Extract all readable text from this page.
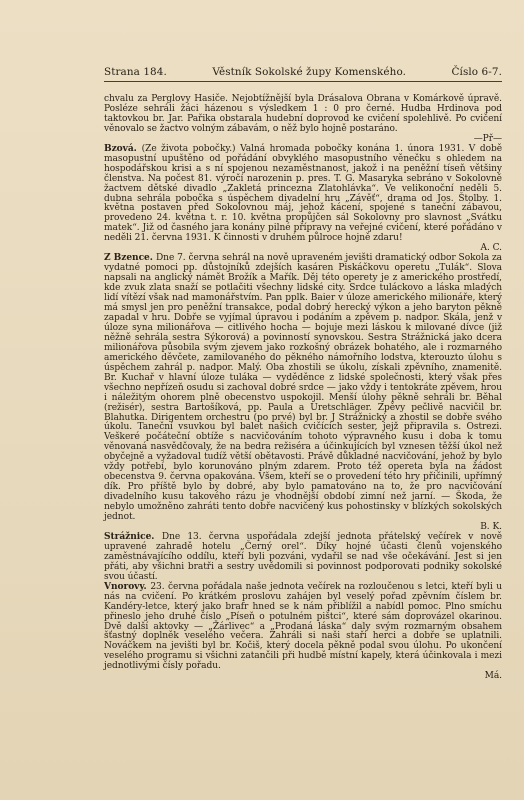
Strana 184.	Věstník Sokolské župy Komenského.	Číslo 6-7.

chvalu za Perglovy Hasiče. Nejobtížnější byla Drásalova Obrana v Komárkově úpravě. Posléze sehráli žáci házenou s výsledkem 1 : 0 pro černé. Hudba Hrdinova pod taktovkou br. Jar. Pařika obstarala hudební doprovod ke cvičení spolehlivě. Po cvičení věnovalo se žactvo volným zábavám, o něž bylo hojně postaráno.
—Př—

Bzová. (Ze života pobočky.) Valná hromada pobočky konána 1. února 1931. V době masopustní upuštěno od pořádání obvyklého masopustního věnečku s ohledem na hospodářskou krisi a s ní spojenou nezaměstnanost, jakož i na peněžní tíseň většiny členstva. Na počest 81. výročí narozenin p. pres. T. G. Masaryka sebráno v Sokolovně žactvem dětské divadlo „Zakletá princezna Zlatohlávka“. Ve velikonoční neděli 5. dubna sehrála pobočka s úspěchem divadelní hru „Závěť“, drama od Jos. Štolby. 1. května postaven před Sokolovnou máj, jehož kácení, spojené s taneční zábavou, provedeno 24. května t. r. 10. května propůjčen sál Sokolovny pro slavnost „Svátku matek“. Již od časného jara konány pilné přípravy na veřejné cvičení, které pořádáno v neděli 21. června 1931. K činnosti v druhém půlroce hojně zdaru!
A. C.

Z Bzence. Dne 7. června sehrál na nově upraveném jevišti dramatický odbor Sokola za vydatné pomoci pp. důstojníků zdejších kasáren Piskáčkovu operetu „Tulák“. Slova napsali na anglický námět Brožík a Mařík. Děj této operety je z amerického prostředí, kde zvuk zlata snaží se potlačiti všechny lidské city. Srdce tuláckovo a láska mladých lidí vítězí však nad mamonářstvím. Pan pplk. Baier v úloze amerického milionáře, který má smysl jen pro peněžní transakce, podal dobrý herecký výkon a jeho baryton pěkně zapadal v hru. Dobře se vyjímal úpravou i podáním a zpěvem p. nadpor. Skála, jenž v úloze syna milionářova — citlivého hocha — bojuje mezi láskou k milované dívce (již něžně sehrála sestra Sýkorová) a povinností synovskou. Sestra Strážnická jako dcera milionářova působila svým zjevem jako rozkošný obrázek bohatého, ale i rozmarného amerického děvčete, zamilovaného do pěkného námořního lodstva, kterouzto úlohu s úspěchem zahrál p. nadpor. Malý. Oba zhostili se úkolu, získali zpěvního, znamenitě. Br. Kuchař v hlavní úloze tuláka — vyděděnce z lidské společnosti, který však přes všechno nepřízeň osudu si zachoval dobré srdce — jako vždy i tentokráte zpěvem, hrou i náležitým ohorem plně obecenstvo uspokojil. Menší úlohy pěkně sehráli br. Běhal (režisér), sestra Bartošíková, pp. Paula a Uretschläger. Zpěvy pečlivě nacvičil br. Blahutka. Dirigentem orchestru (po prvé) byl br. J Strážnický a zhostil se dobře svého úkolu. Taneční vsuvkou byl balet našich cvičících sester, jejž připravila s. Ostrezi. Veškeré počáteční obtíže s nacvičováním tohoto výpravného kusu i doba k tomu věnovaná nasvědčovaly, že na bedra režiséra a účinkujících byl vznesen těžší úkol než obyčejně a vyžadoval tudíž větší obětavosti. Právě důkladné nacvičování, jehož by bylo vždy potřebí, bylo korunováno plným zdarem. Proto též opereta byla na žádost obecenstva 9. června opakována. Všem, kteří se o provedení této hry přičinili, upřímný dík. Pro příště bylo by dobré, aby bylo pamatováno na to, že pro nacvičování divadelního kusu takového rázu je vhodnější období zimní než jarní. — Škoda, že nebylo umožněno zahráti tento dobře nacvičený kus pohostinsky v blízkých sokolských jednot.
B. K.

Strážnice. Dne 13. června uspořádala zdejší jednota přátelský večírek v nově upravené zahradě hotelu „Černý orel“. Díky hojné účasti členů vojenského zaměstnávajícího oddílu, kteří byli pozváni, vydařil se nad vše očekávání. Jest si jen přáti, aby všichni bratři a sestry uvědomili si povinnost podporovati podniky sokolské svou účastí.

Vnorovy. 23. června pořádala naše jednota večírek na rozloučenou s letci, kteří byli u nás na cvičení. Po krátkém proslovu zahájen byl veselý pořad zpěvním číslem br. Kandéry-letce, který jako brafr hned se k nám přiblížil a nabídl pomoc. Plno smíchu přineslo jeho druhé číslo „Píseň o potulném pištci“, které sám doprovázel okarinou. Dvě další aktovky — „Žárlivec“ a „Prodaná láska“ daly svým rozmarným obsahem šťastný doplněk veselého večera. Zahráli si naši staří herci a dobře se uplatnili. Nováčkem na jevišti byl br. Kočiš, který docela pěkně podal svou úlohu. Po ukončení veselého programu si všichni zatančili při hudbě místní kapely, která účinkovala i mezi jednotlivými čísly pořadu.
Má.
